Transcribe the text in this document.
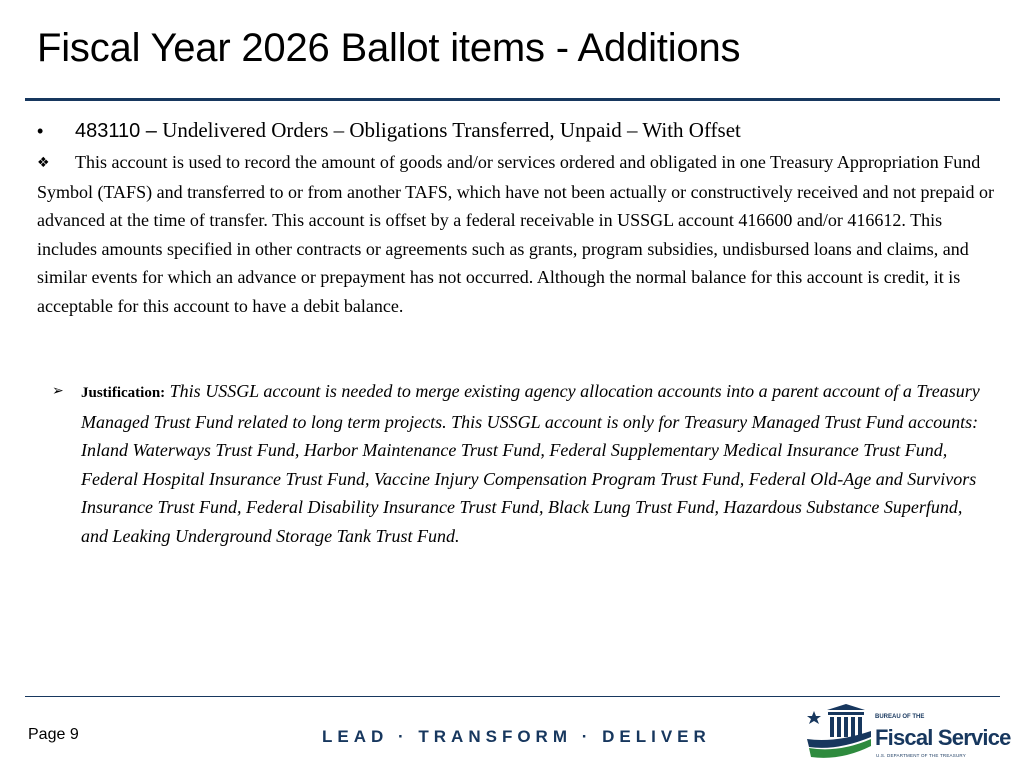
Fiscal Year 2026 Ballot items - Additions
• 483110 – Undelivered Orders – Obligations Transferred, Unpaid – With Offset
❖ This account is used to record the amount of goods and/or services ordered and obligated in one Treasury Appropriation Fund Symbol (TAFS) and transferred to or from another TAFS, which have not been actually or constructively received and not prepaid or advanced at the time of transfer. This account is offset by a federal receivable in USSGL account 416600 and/or 416612. This includes amounts specified in other contracts or agreements such as grants, program subsidies, undisbursed loans and claims, and similar events for which an advance or prepayment has not occurred. Although the normal balance for this account is credit, it is acceptable for this account to have a debit balance.
➢ Justification: This USSGL account is needed to merge existing agency allocation accounts into a parent account of a Treasury Managed Trust Fund related to long term projects. This USSGL account is only for Treasury Managed Trust Fund accounts: Inland Waterways Trust Fund, Harbor Maintenance Trust Fund, Federal Supplementary Medical Insurance Trust Fund, Federal Hospital Insurance Trust Fund, Vaccine Injury Compensation Program Trust Fund, Federal Old-Age and Survivors Insurance Trust Fund, Federal Disability Insurance Trust Fund, Black Lung Trust Fund, Hazardous Substance Superfund, and Leaking Underground Storage Tank Trust Fund.
Page 9	LEAD · TRANSFORM · DELIVER
BUREAU OF THE
Fiscal Service
U.S. DEPARTMENT OF THE TREASURY
